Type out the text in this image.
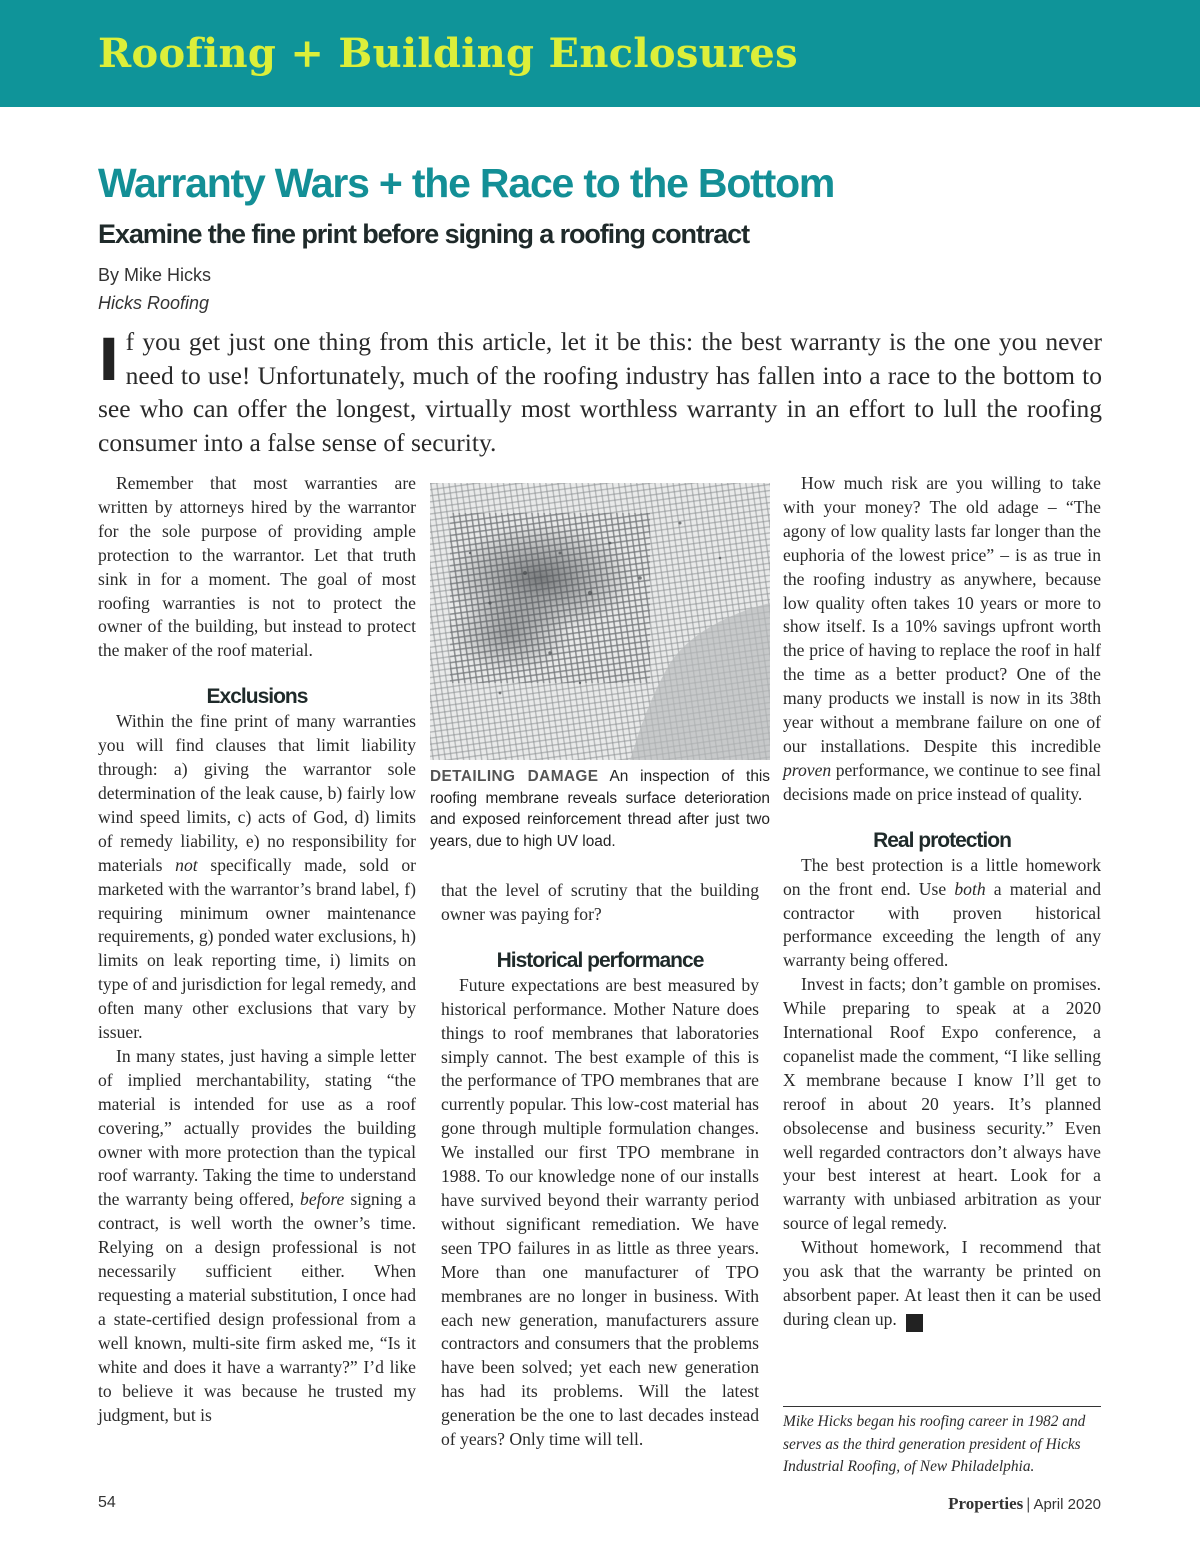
Roofing + Building Enclosures
Warranty Wars + the Race to the Bottom
Examine the fine print before signing a roofing contract
By Mike Hicks
Hicks Roofing

If you get just one thing from this article, let it be this: the best warranty is the one you never need to use! Unfortunately, much of the roofing industry has fallen into a race to the bottom to see who can offer the longest, virtually most worthless warranty in an effort to lull the roofing consumer into a false sense of security.

Remember that most warranties are written by attorneys hired by the warrantor for the sole purpose of providing ample protection to the warrantor. Let that truth sink in for a moment. The goal of most roofing warranties is not to protect the owner of the building, but instead to protect the maker of the roof material.

Exclusions

Within the fine print of many warranties you will find clauses that limit liability through: a) giving the warrantor sole determination of the leak cause, b) fairly low wind speed limits, c) acts of God, d) limits of remedy liability, e) no responsibility for materials not specifically made, sold or marketed with the warrantor’s brand label, f) requiring minimum owner maintenance requirements, g) ponded water exclusions, h) limits on leak reporting time, i) limits on type of and jurisdiction for legal remedy, and often many other exclusions that vary by issuer.

In many states, just having a simple letter of implied merchantability, stating “the material is intended for use as a roof covering,” actually provides the building owner with more protection than the typical roof warranty. Taking the time to understand the warranty being offered, before signing a contract, is well worth the owner’s time. Relying on a design professional is not necessarily sufficient either. When requesting a material substitution, I once had a state-certified design professional from a well known, multi-site firm asked me, “Is it white and does it have a warranty?” I’d like to believe it was because he trusted my judgment, but is

DETAILING DAMAGE An inspection of this roofing membrane reveals surface deterioration and exposed reinforcement thread after just two years, due to high UV load.

that the level of scrutiny that the building owner was paying for?

Historical performance

Future expectations are best measured by historical performance. Mother Nature does things to roof membranes that laboratories simply cannot. The best example of this is the performance of TPO membranes that are currently popular. This low-cost material has gone through multiple formulation changes. We installed our first TPO membrane in 1988. To our knowledge none of our installs have survived beyond their warranty period without significant remediation. We have seen TPO failures in as little as three years. More than one manufacturer of TPO membranes are no longer in business. With each new generation, manufacturers assure contractors and consumers that the problems have been solved; yet each new generation has had its problems. Will the latest generation be the one to last decades instead of years? Only time will tell.

How much risk are you willing to take with your money? The old adage – “The agony of low quality lasts far longer than the euphoria of the lowest price” – is as true in the roofing industry as anywhere, because low quality often takes 10 years or more to show itself. Is a 10% savings upfront worth the price of having to replace the roof in half the time as a better product? One of the many products we install is now in its 38th year without a membrane failure on one of our installations. Despite this incredible proven performance, we continue to see final decisions made on price instead of quality.

Real protection

The best protection is a little homework on the front end. Use both a material and contractor with proven historical performance exceeding the length of any warranty being offered.

Invest in facts; don’t gamble on promises. While preparing to speak at a 2020 International Roof Expo conference, a copanelist made the comment, “I like selling X membrane because I know I’ll get to reroof in about 20 years. It’s planned obsolecense and business security.” Even well regarded contractors don’t always have your best interest at heart. Look for a warranty with unbiased arbitration as your source of legal remedy.

Without homework, I recommend that you ask that the warranty be printed on absorbent paper. At least then it can be used during clean up. P

Mike Hicks began his roofing career in 1982 and serves as the third generation president of Hicks Industrial Roofing, of New Philadelphia.

54	Properties | April 2020
